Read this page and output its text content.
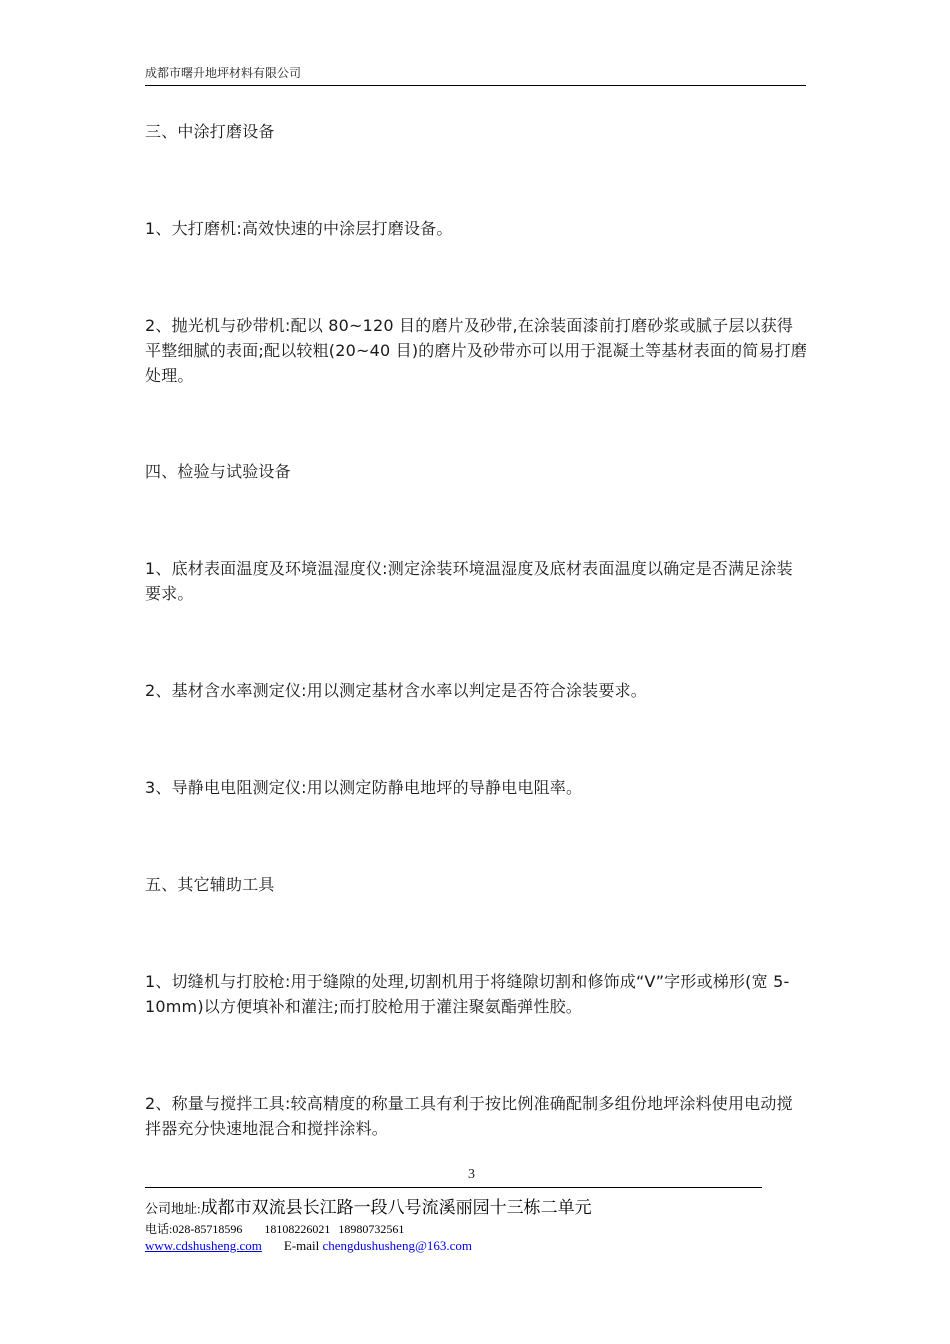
成都市曙升地坪材料有限公司
三、中涂打磨设备
1、大打磨机:高效快速的中涂层打磨设备。
2、抛光机与砂带机:配以 80~120 目的磨片及砂带,在涂装面漆前打磨砂浆或腻子层以获得平整细腻的表面;配以较粗(20~40 目)的磨片及砂带亦可以用于混凝土等基材表面的简易打磨处理。
四、检验与试验设备
1、底材表面温度及环境温湿度仪:测定涂装环境温湿度及底材表面温度以确定是否满足涂装要求。
2、基材含水率测定仪:用以测定基材含水率以判定是否符合涂装要求。
3、导静电电阻测定仪:用以测定防静电地坪的导静电电阻率。
五、其它辅助工具
1、切缝机与打胶枪:用于缝隙的处理,切割机用于将缝隙切割和修饰成“V”字形或梯形(宽 5-10mm)以方便填补和灌注;而打胶枪用于灌注聚氨酯弹性胶。
2、称量与搅拌工具:较高精度的称量工具有利于按比例准确配制多组份地坪涂料使用电动搅拌器充分快速地混合和搅拌涂料。
3
公司地址:成都市双流县长江路一段八号流溪丽园十三栋二单元
电话:028-85718596 18108226021 18980732561
www.cdshusheng.com E-mail chengdushusheng@163.com
